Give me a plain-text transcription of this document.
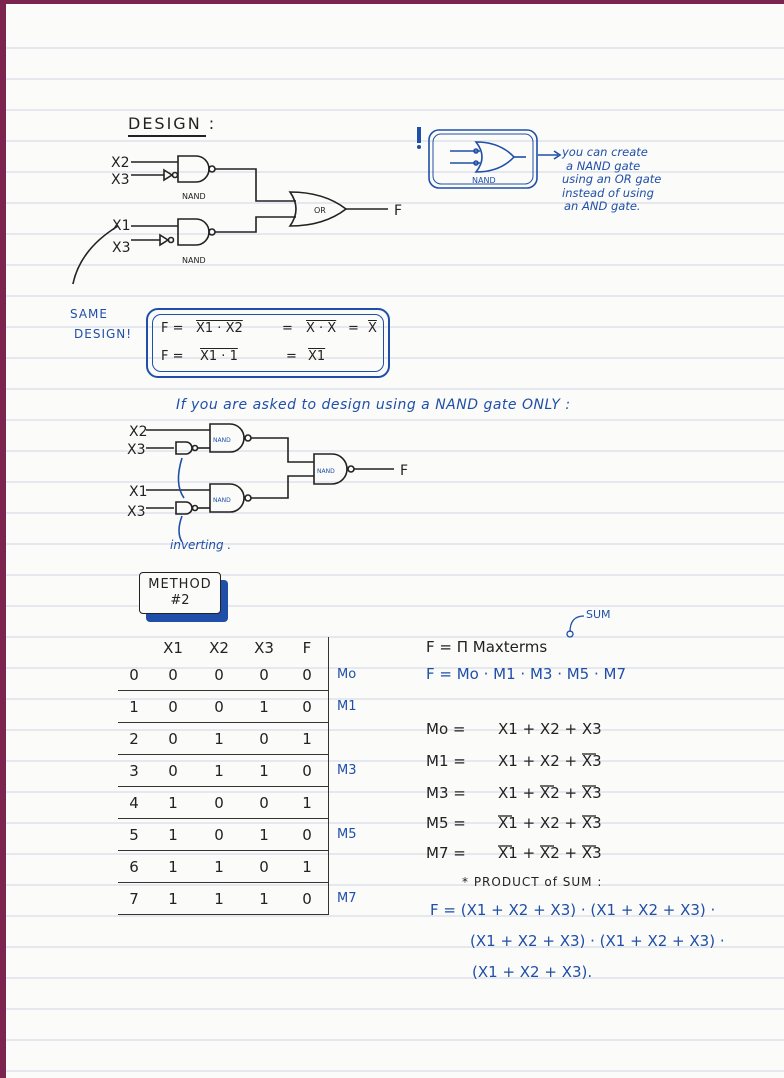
DESIGN :
X2
X3
X1
X3
NAND
NAND
OR	F
NAND
you can create
a NAND gate
using an OR gate
instead of using
an AND gate.
SAME
DESIGN! F = X1 · X2	= $X \cdot X = \overline{X}$
F = X1 · 1	= X1
If you are asked to design using a NAND gate ONLY :
X2
X3
X1
X3
F
NAND
NAND
NAND
inverting .
METHOD
#2
	X1	X2	X3	F	
0	0	0	0	0	Mo
1	0	0	1	0	M1
2	0	1	0	1	
3	0	1	1	0	M3
4	1	0	0	1	
5	1	0	1	0	M5
6	1	1	0	1	
7	1	1	1	0	M7
SUM
F = Π Maxterms
F = Mo · M1 · M3 · M5 · M7
Mo = X1 + X2 + X3
M1 = X1 + X2 + X3
M3 = X1 + X2 + X3
M5 = X1 + X2 + X3
M7 = X1 + X2 + X3
* PRODUCT of SUM :
F = (X1 + X2 + X3) · (X1 + X2 + X3) ·
(X1 + X2 + X3) · (X1 + X2 + X3) ·
(X1 + X2 + X3).
